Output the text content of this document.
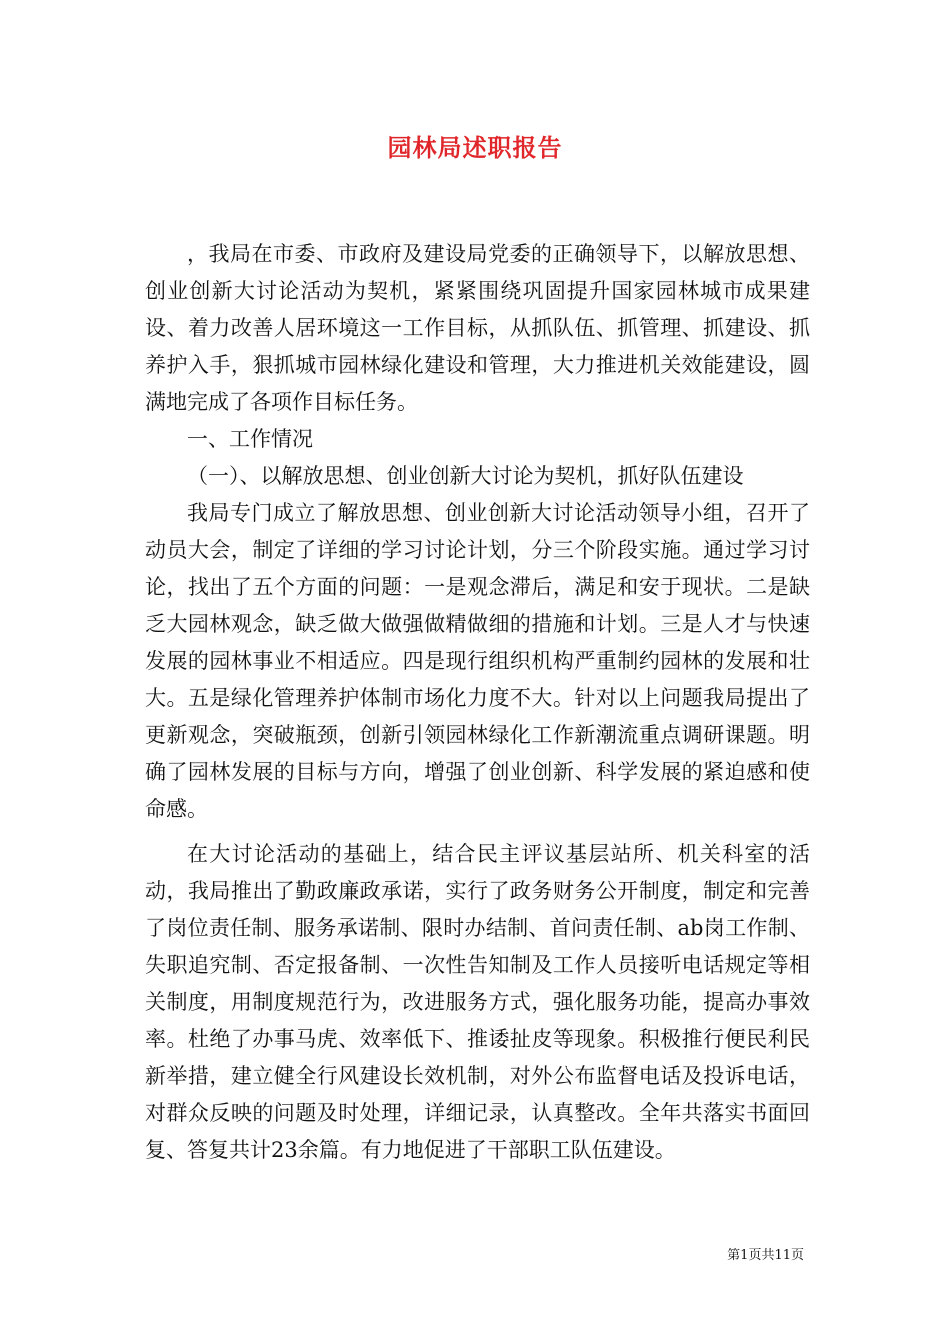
园林局述职报告

，我局在市委、市政府及建设局党委的正确领导下，以解放思想、创业创新大讨论活动为契机，紧紧围绕巩固提升国家园林城市成果建设、着力改善人居环境这一工作目标，从抓队伍、抓管理、抓建设、抓养护入手，狠抓城市园林绿化建设和管理，大力推进机关效能建设，圆满地完成了各项作目标任务。

一、工作情况

（一）、以解放思想、创业创新大讨论为契机，抓好队伍建设

我局专门成立了解放思想、创业创新大讨论活动领导小组，召开了动员大会，制定了详细的学习讨论计划，分三个阶段实施。通过学习讨论，找出了五个方面的问题：一是观念滞后，满足和安于现状。二是缺乏大园林观念，缺乏做大做强做精做细的措施和计划。三是人才与快速发展的园林事业不相适应。四是现行组织机构严重制约园林的发展和壮大。五是绿化管理养护体制市场化力度不大。针对以上问题我局提出了更新观念，突破瓶颈，创新引领园林绿化工作新潮流重点调研课题。明确了园林发展的目标与方向，增强了创业创新、科学发展的紧迫感和使命感。

在大讨论活动的基础上，结合民主评议基层站所、机关科室的活动，我局推出了勤政廉政承诺，实行了政务财务公开制度，制定和完善了岗位责任制、服务承诺制、限时办结制、首问责任制、ab岗工作制、失职追究制、否定报备制、一次性告知制及工作人员接听电话规定等相关制度，用制度规范行为，改进服务方式，强化服务功能，提高办事效率。杜绝了办事马虎、效率低下、推诿扯皮等现象。积极推行便民利民新举措，建立健全行风建设长效机制，对外公布监督电话及投诉电话，对群众反映的问题及时处理，详细记录，认真整改。全年共落实书面回复、答复共计23余篇。有力地促进了干部职工队伍建设。

第1页共11页
